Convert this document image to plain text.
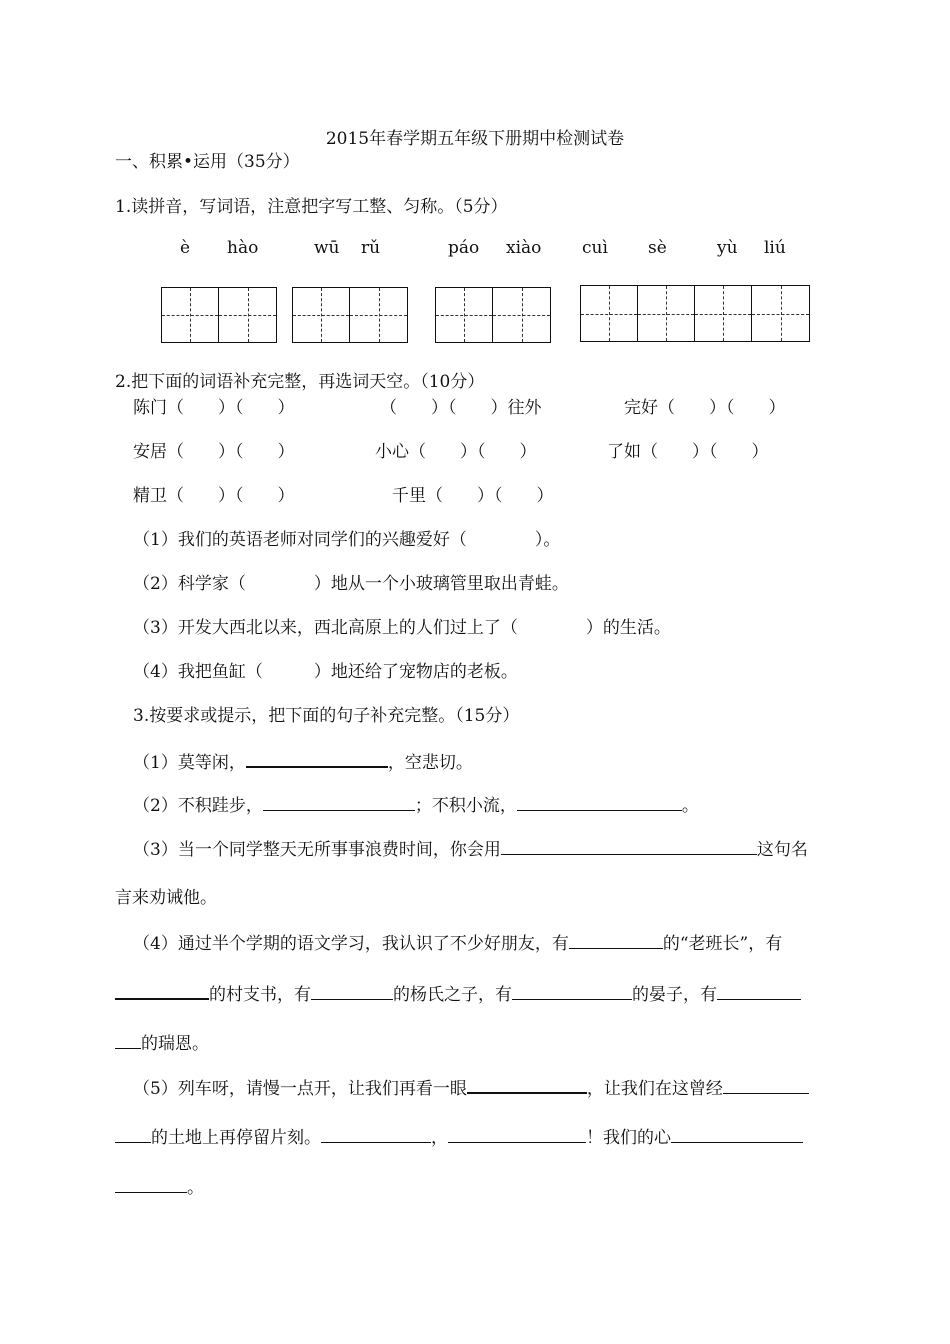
2015年春学期五年级下册期中检测试卷
一、积累•运用（35分）
1.读拼音，写词语，注意把字写工整、匀称。（5分）
è hào	wū rǔ	páo xiào cuì sè	yù liú
2.把下面的词语补充完整，再选词天空。（10分）
陈门（　　）（　　）	（　　）（　　）往外	完好（　　）（　　）
安居（　　）（　　）	小心（　　）（　　）	了如（　　）（　　）
精卫（　　）（　　）	千里（　　）（　　）
（1）我们的英语老师对同学们的兴趣爱好（　　　　）。
（2）科学家（　　　　）地从一个小玻璃管里取出青蛙。
（3）开发大西北以来，西北高原上的人们过上了（　　　　）的生活。
（4）我把鱼缸（　　　）地还给了宠物店的老板。
3.按要求或提示，把下面的句子补充完整。（15分）
（1）莫等闲，	，空悲切。
（2）不积跬步，	；不积小流，	。
（3）当一个同学整天无所事事浪费时间，你会用	这句名
言来劝诫他。
（4）通过半个学期的语文学习，我认识了不少好朋友，有	的“老班长”，有
的村支书，有	的杨氏之子，有	的晏子，有
的瑞恩。
（5）列车呀，请慢一点开，让我们再看一眼	，让我们在这曾经
的土地上再停留片刻。	，	！我们的心
。
